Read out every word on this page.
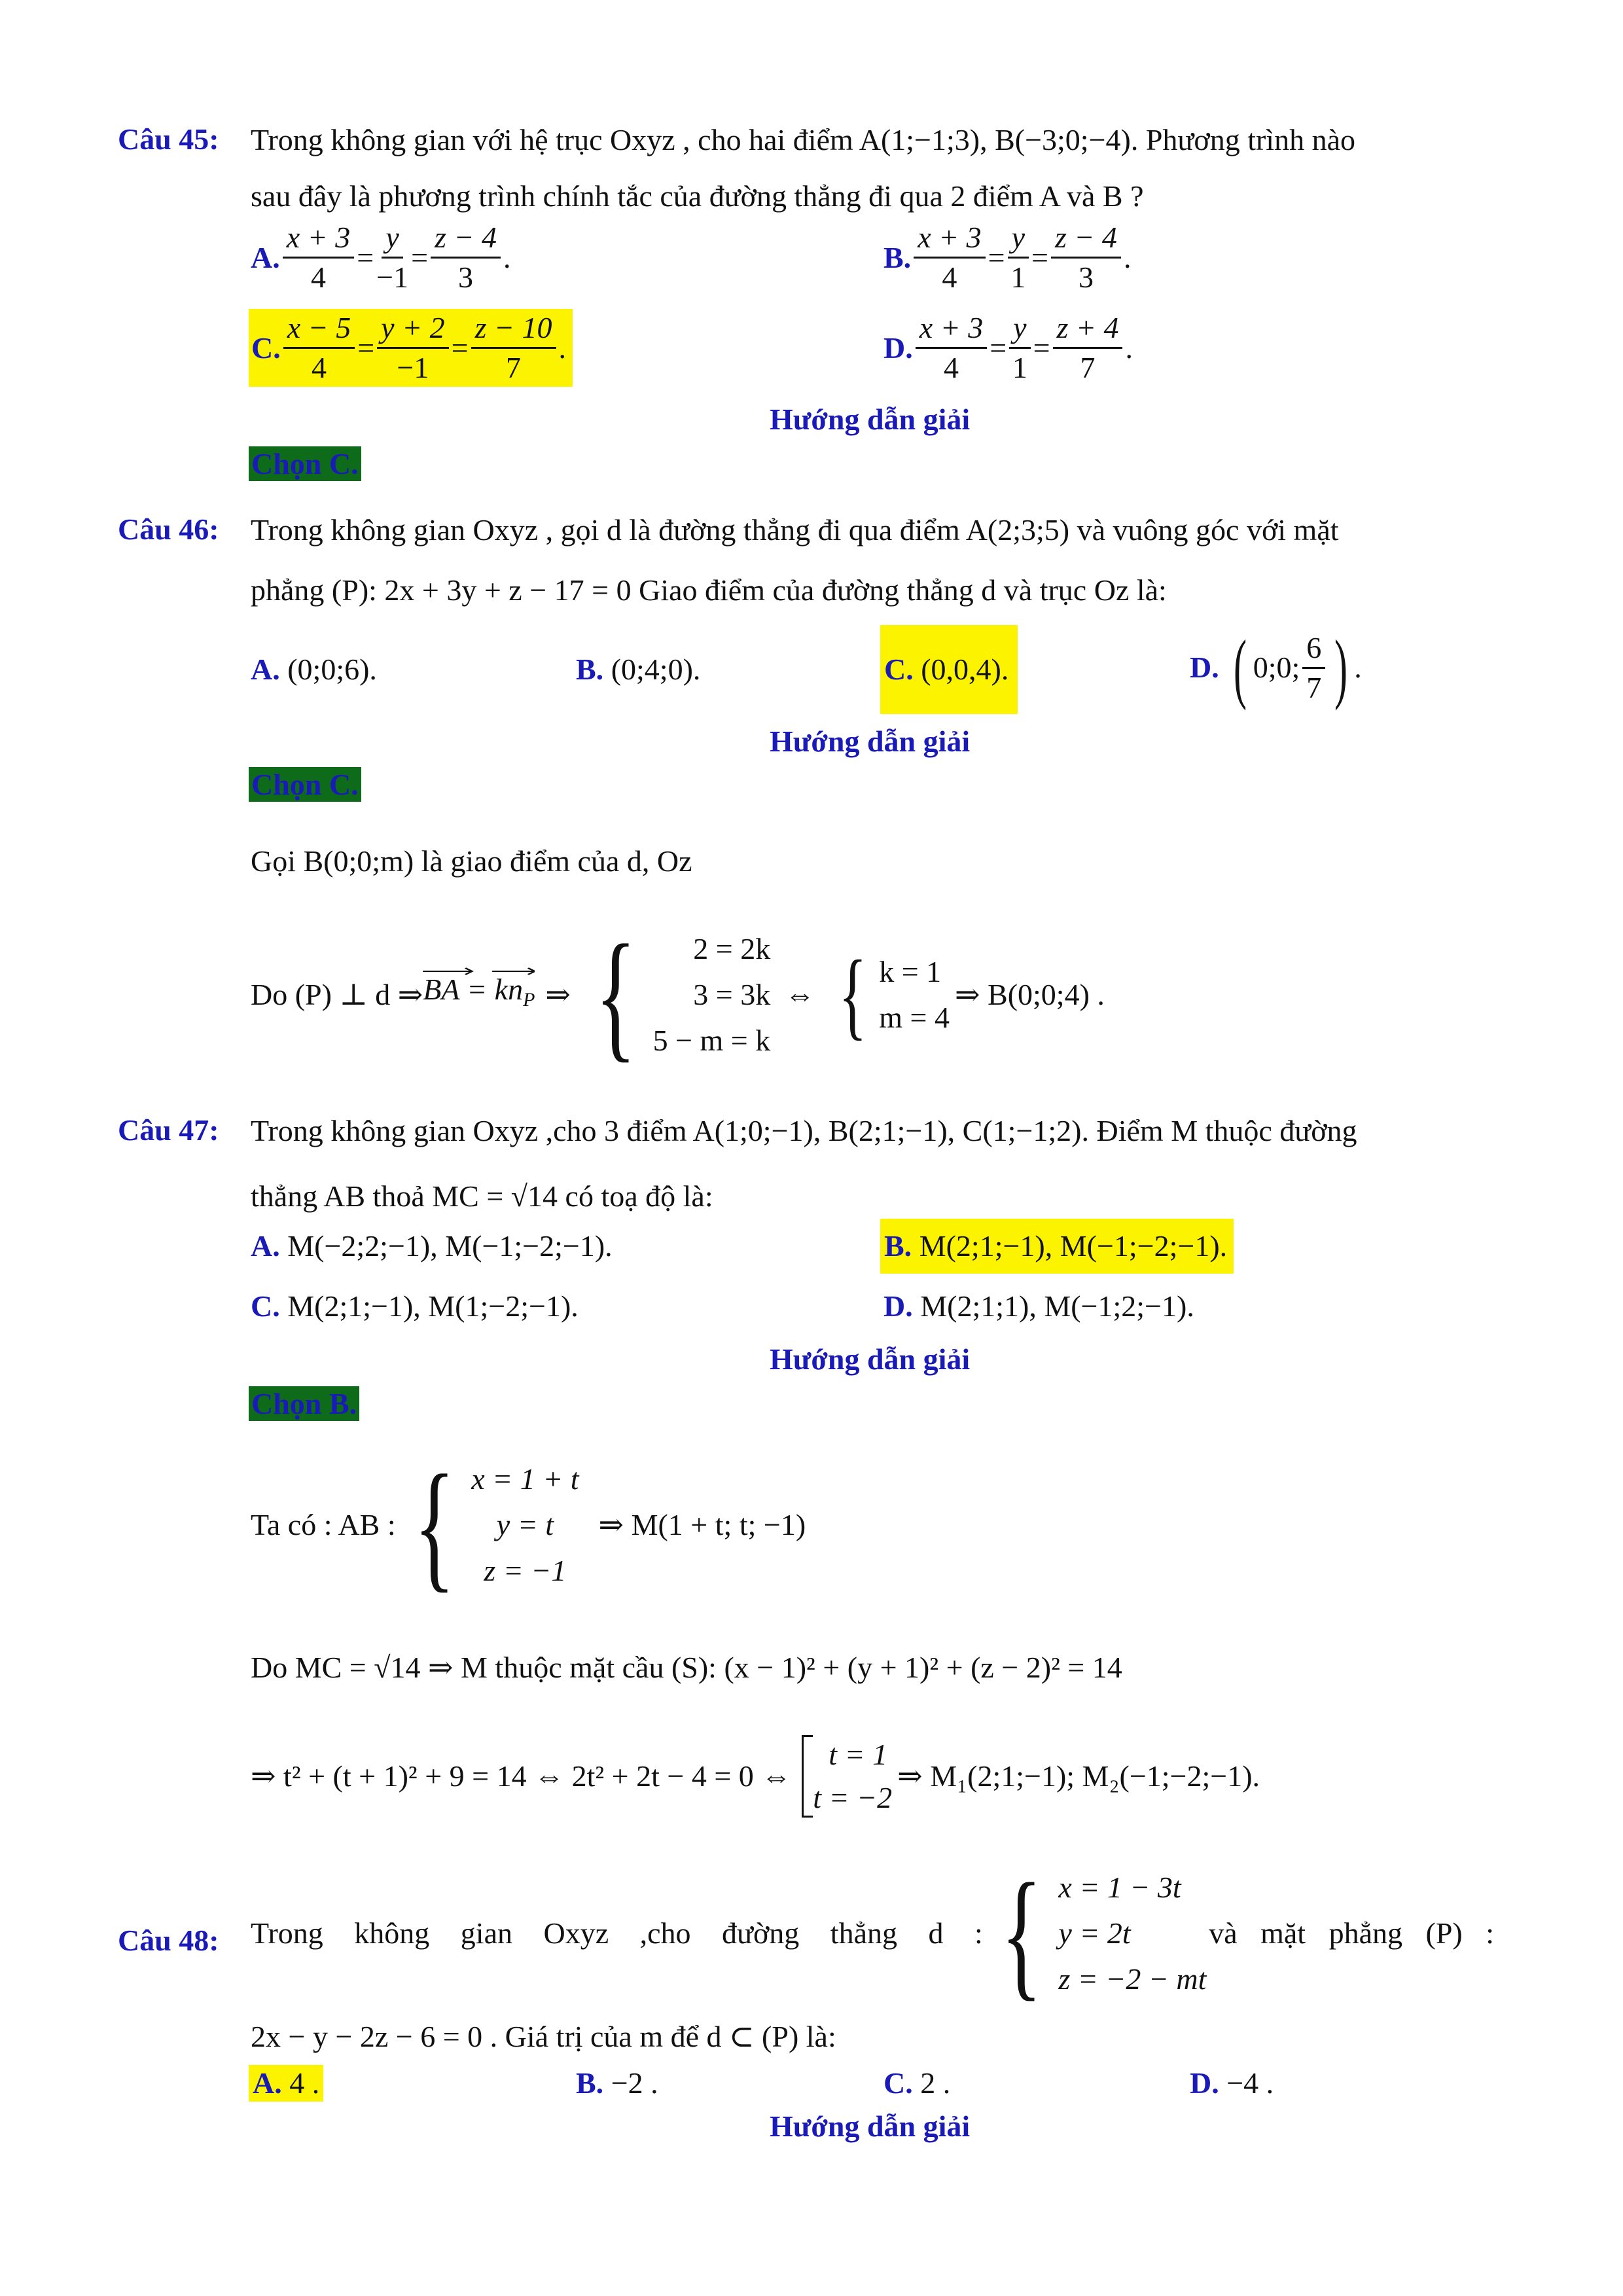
Câu 45: Trong không gian với hệ trục Oxyz , cho hai điểm A(1;−1;3), B(−3;0;−4). Phương trình nào
sau đây là phương trình chính tắc của đường thẳng đi qua 2 điểm A và B ?
A. $\frac{x + 3}{4} = \frac{y}{-1} = \frac{z - 4}{3}$ .	B. $\frac{x + 3}{4} = \frac{y}{1} = \frac{z - 4}{3}$ .
C. $\frac{x - 5}{4} = \frac{y + 2}{-1} = \frac{z - 10}{7}$ .	D. $\frac{x + 3}{4} = \frac{y}{1} = \frac{z + 4}{7}$ .
Hướng dẫn giải
Chọn C.
Câu 46: Trong không gian Oxyz , gọi d là đường thẳng đi qua điểm A(2;3;5) và vuông góc với mặt
phẳng (P): 2x + 3y + z − 17 = 0 Giao điểm của đường thẳng d và trục Oz là:
A. (0;0;6).	B. (0;4;0).	C. (0,0,4).	D. ( 0;0; $\frac{6}{7}$ ) .
Hướng dẫn giải
Chọn C.
Gọi B(0;0;m) là giao điểm của d, Oz
Do (P) ⊥ d ⇒ BA = $kn_P$ ⇒ { 2 = 2k
3 = 3k
5 − m = k
⇔ { k = 1
m = 4
⇒ B(0;0;4) .
Câu 47: Trong không gian Oxyz ,cho 3 điểm A(1;0;−1), B(2;1;−1), C(1;−1;2). Điểm M thuộc đường
thẳng AB thoả MC = √14 có toạ độ là:
A. M(−2;2;−1), M(−1;−2;−1).	B. M(2;1;−1), M(−1;−2;−1).
C. M(2;1;−1), M(1;−2;−1).	D. M(2;1;1), M(−1;2;−1).
Hướng dẫn giải
Chọn B.
Ta có : AB : { x = 1 + t
y = t
z = −1
⇒ M(1 + t; t; −1)
Do MC = √14 ⇒ M thuộc mặt cầu (S): (x − 1)² + (y + 1)² + (z − 2)² = 14
⇒ t² + (t + 1)² + 9 = 14 ⇔ 2t² + 2t − 4 = 0 ⇔
t = 1
t = −2
⇒ M₁(2;1;−1); M₂(−1;−2;−1).
Câu 48: Trong không gian Oxyz ,cho đường thẳng d : { x = 1 − 3t
y = 2t
z = −2 − mt
và mặt phẳng (P) :
2x − y − 2z − 6 = 0 . Giá trị của m để d ⊂ (P) là:
A. 4 .	B. −2 .	C. 2 .	D. −4 .
Hướng dẫn giải
